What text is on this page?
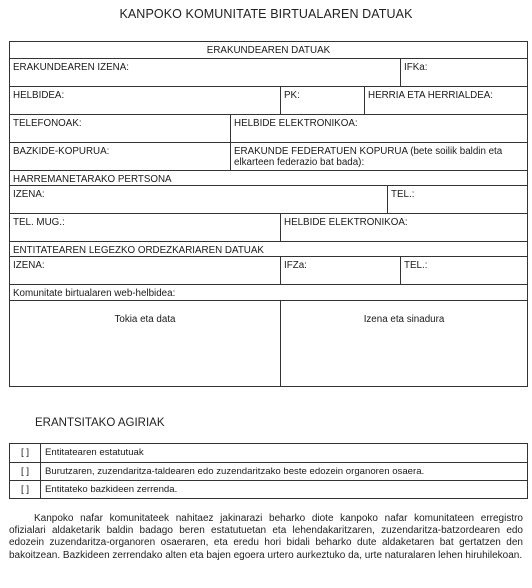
KANPOKO KOMUNITATE BIRTUALAREN DATUAK
ERAKUNDEAREN DATUAK
ERAKUNDEAREN IZENA:	IFKa:
HELBIDEA:	PK:	HERRIA ETA HERRIALDEA:
TELEFONOAK:	HELBIDE ELEKTRONIKOA:
BAZKIDE-KOPURUA:	ERAKUNDE FEDERATUEN KOPURUA (bete soilik baldin eta elkarteen federazio bat bada):
HARREMANETARAKO PERTSONA
IZENA:	TEL.:
TEL. MUG.:	HELBIDE ELEKTRONIKOA:
ENTITATEAREN LEGEZKO ORDEZKARIAREN DATUAK
IZENA:	IFZa:	TEL.:
Komunitate birtualaren web-helbidea:
Tokia eta data	Izena eta sinadura
ERANTSITAKO AGIRIAK
[ ]	Entitatearen estatutuak
[ ]	Burutzaren, zuzendaritza-taldearen edo zuzendaritzako beste edozein organoren osaera.
[ ]	Entitateko bazkideen zerrenda.

Kanpoko nafar komunitateek nahitaez jakinarazi beharko diote kanpoko nafar komunitateen erregistro ofizialari aldaketarik baldin badago beren estatutuetan eta lehendakaritzaren, zuzendaritza-batzordearen edo edozein zuzendaritza-organoren osaeraren, eta eredu hori bidali beharko dute aldaketaren bat gertatzen den bakoitzean. Bazkideen zerrendako alten eta bajen egoera urtero aurkeztuko da, urte naturalaren lehen hiruhilekoan.
